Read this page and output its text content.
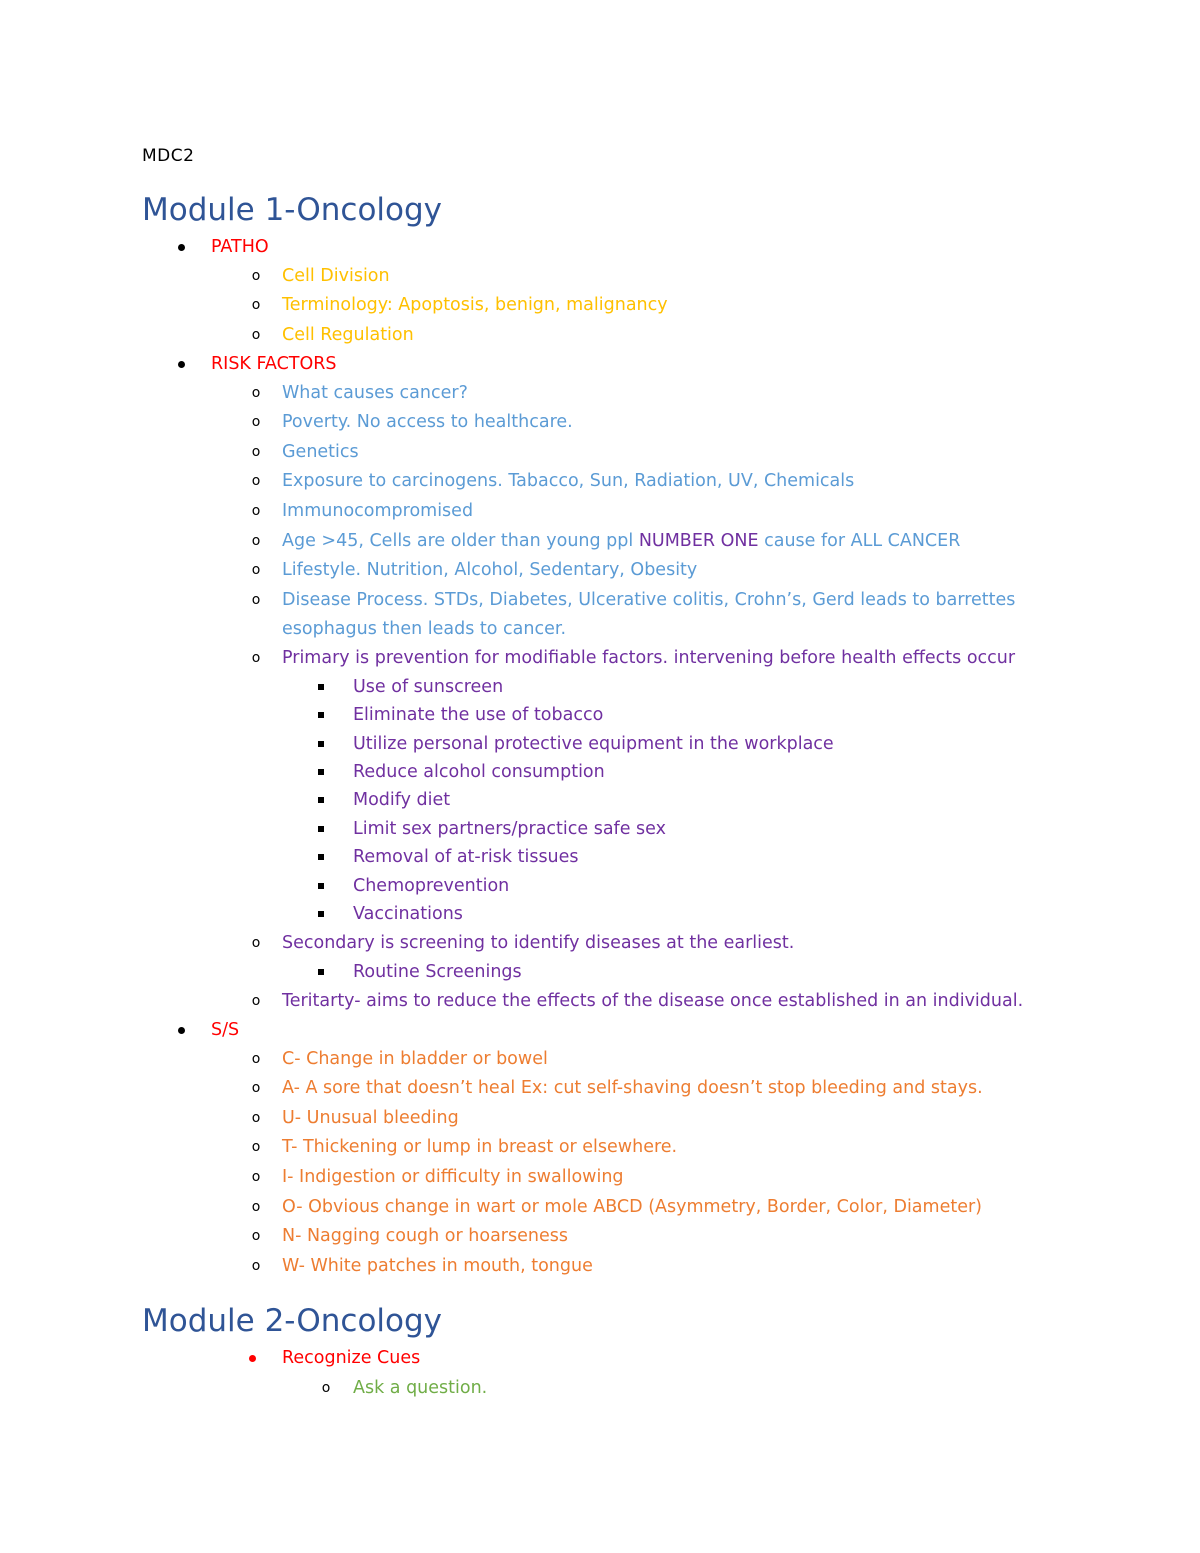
MDC2
Module 1-Oncology
PATHO
o	Cell Division
o	Terminology: Apoptosis, benign, malignancy
o	Cell Regulation
RISK FACTORS
o	What causes cancer?
o	Poverty. No access to healthcare.
o	Genetics
o	Exposure to carcinogens. Tabacco, Sun, Radiation, UV, Chemicals
o	Immunocompromised
o	Age >45, Cells are older than young ppl NUMBER ONE cause for ALL CANCER
o	Lifestyle. Nutrition, Alcohol, Sedentary, Obesity
o	Disease Process. STDs, Diabetes, Ulcerative colitis, Crohn’s, Gerd leads to barrettes esophagus then leads to cancer.
o	Primary is prevention for modifiable factors. intervening before health effects occur
Use of sunscreen
Eliminate the use of tobacco
Utilize personal protective equipment in the workplace
Reduce alcohol consumption
Modify diet
Limit sex partners/practice safe sex
Removal of at-risk tissues
Chemoprevention
Vaccinations
o	Secondary is screening to identify diseases at the earliest.
Routine Screenings
o	Teritarty- aims to reduce the effects of the disease once established in an individual.
S/S
o	C- Change in bladder or bowel
o	A- A sore that doesn’t heal Ex: cut self-shaving doesn’t stop bleeding and stays.
o	U- Unusual bleeding
o	T- Thickening or lump in breast or elsewhere.
o	I- Indigestion or difficulty in swallowing
o	O- Obvious change in wart or mole ABCD (Asymmetry, Border, Color, Diameter)
o	N- Nagging cough or hoarseness
o	W- White patches in mouth, tongue
Module 2-Oncology
Recognize Cues
o	Ask a question.
